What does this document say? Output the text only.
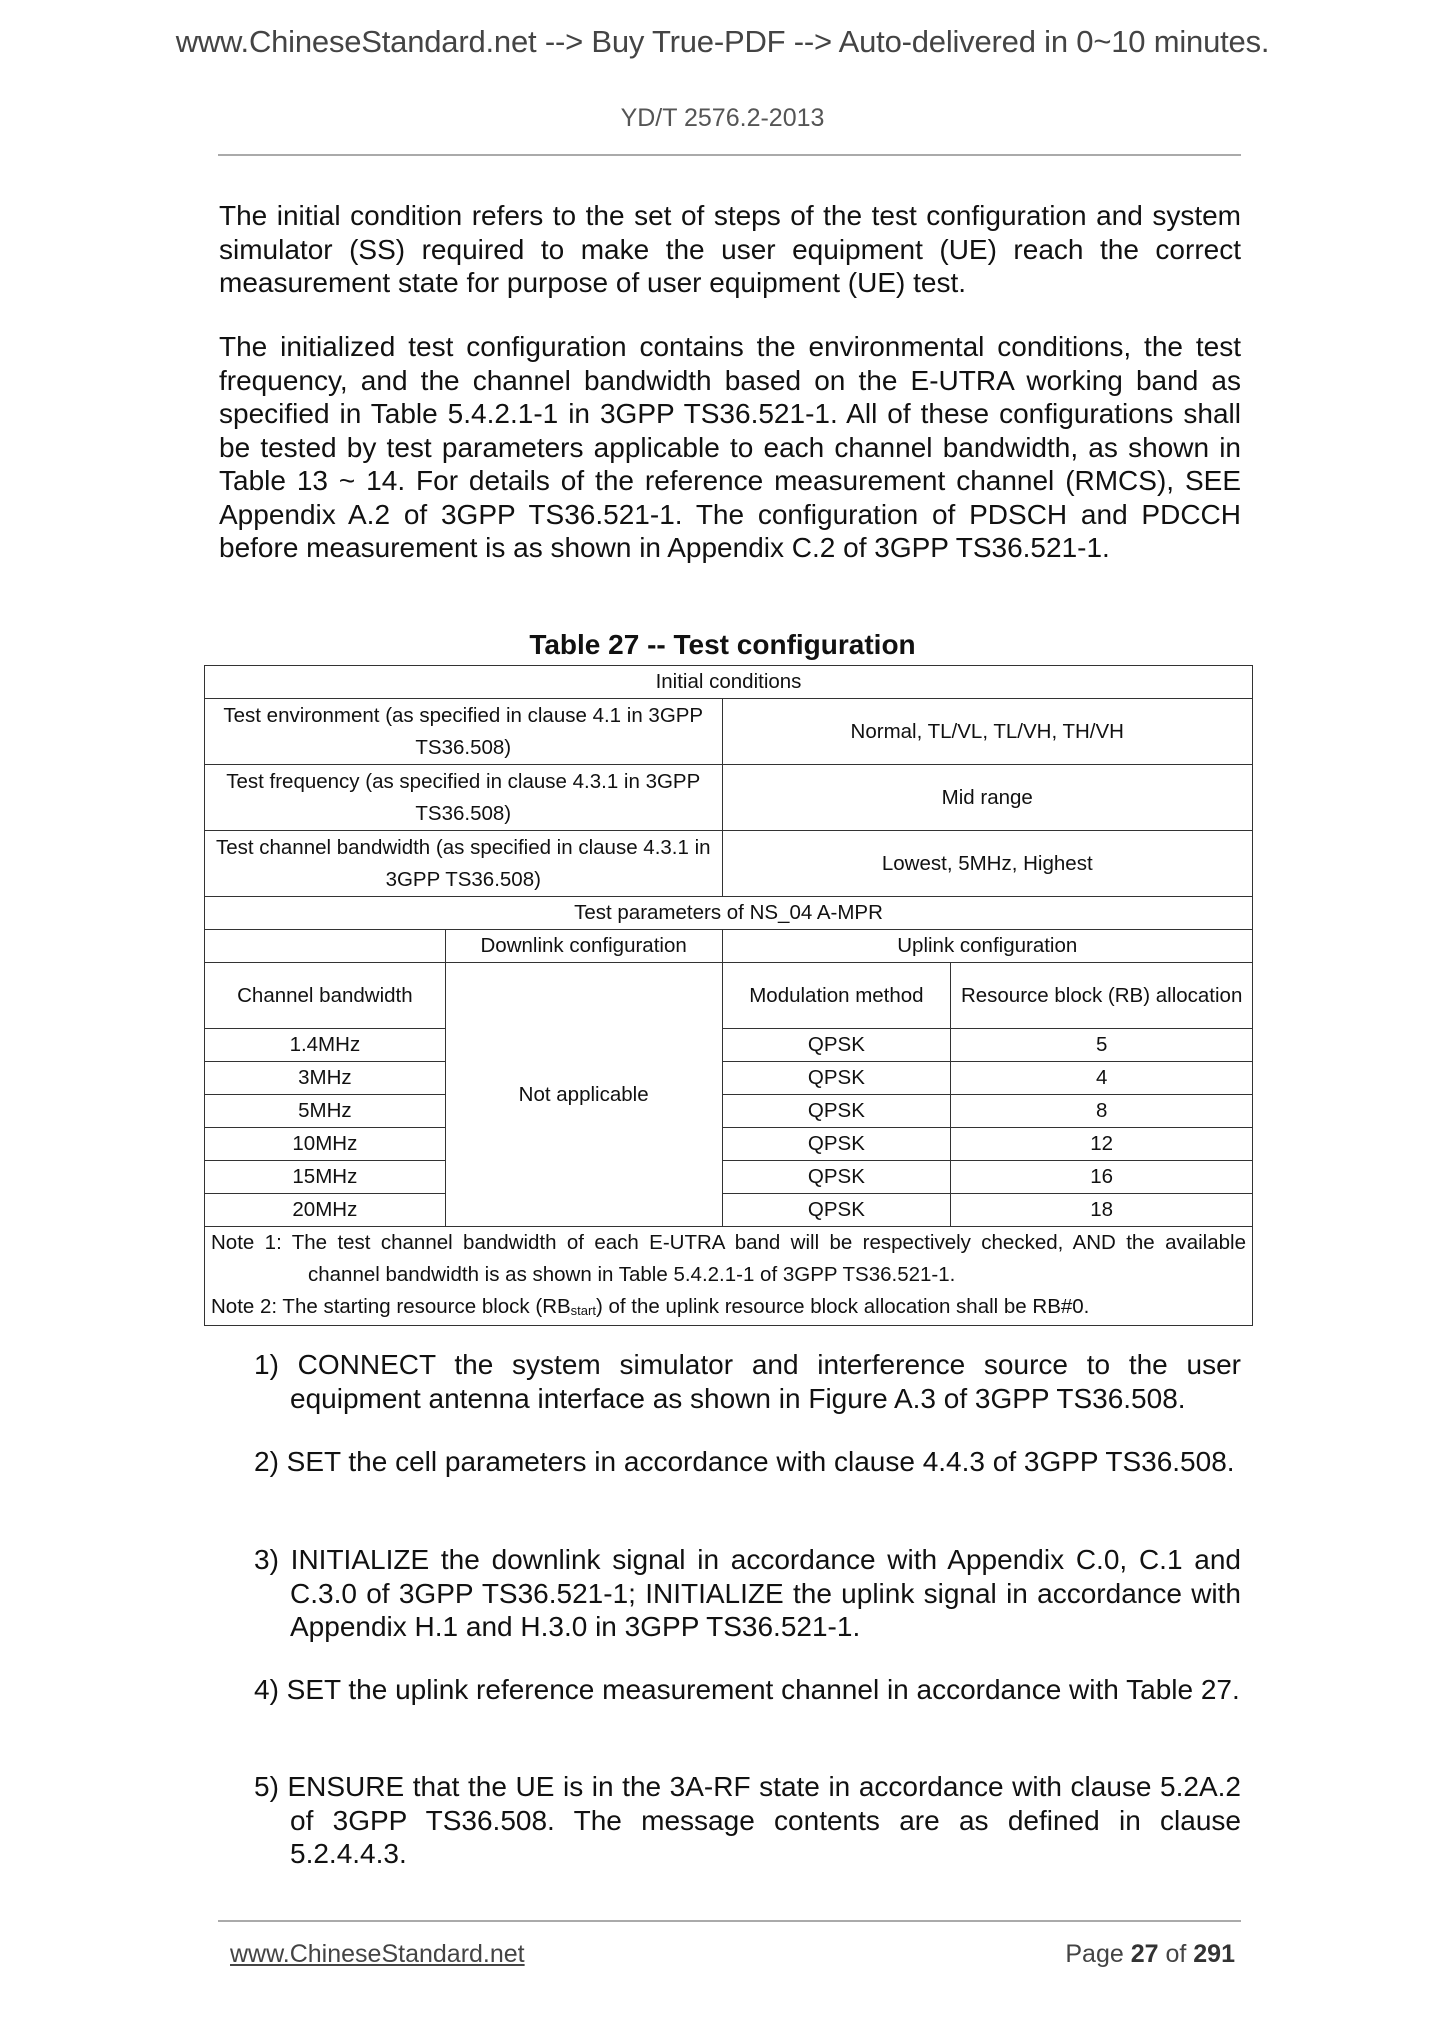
www.ChineseStandard.net --> Buy True-PDF --> Auto-delivered in 0~10 minutes.
YD/T 2576.2-2013
The initial condition refers to the set of steps of the test configuration and system simulator (SS) required to make the user equipment (UE) reach the correct measurement state for purpose of user equipment (UE) test.
The initialized test configuration contains the environmental conditions, the test frequency, and the channel bandwidth based on the E-UTRA working band as specified in Table 5.4.2.1-1 in 3GPP TS36.521-1. All of these configurations shall be tested by test parameters applicable to each channel bandwidth, as shown in Table 13 ~ 14. For details of the reference measurement channel (RMCS), SEE Appendix A.2 of 3GPP TS36.521-1. The configuration of PDSCH and PDCCH before measurement is as shown in Appendix C.2 of 3GPP TS36.521-1.
Table 27 -- Test configuration
Initial conditions			
Test environment (as specified in clause 4.1 in 3GPP TS36.508)		Normal, TL/VL, TL/VH, TH/VH	
Test frequency (as specified in clause 4.3.1 in 3GPP TS36.508)		Mid range	
Test channel bandwidth (as specified in clause 4.3.1 in 3GPP TS36.508)		Lowest, 5MHz, Highest	
Test parameters of NS_04 A-MPR			
	Downlink configuration	Uplink configuration	
Channel bandwidth	Not applicable	Modulation method	Resource block (RB) allocation
1.4MHz		QPSK	5
3MHz		QPSK	4
5MHz		QPSK	8
10MHz		QPSK	12
15MHz		QPSK	16
20MHz		QPSK	18

Note 1: The test channel bandwidth of each E-UTRA band will be respectively checked, AND the available channel bandwidth is as shown in Table 5.4.2.1-1 of 3GPP TS36.521-1.
Note 2: The starting resource block $(RB_{start})$ of the uplink resource block allocation shall be RB#0.			
1) CONNECT the system simulator and interference source to the user equipment antenna interface as shown in Figure A.3 of 3GPP TS36.508.
2) SET the cell parameters in accordance with clause 4.4.3 of 3GPP TS36.508.
3) INITIALIZE the downlink signal in accordance with Appendix C.0, C.1 and C.3.0 of 3GPP TS36.521-1; INITIALIZE the uplink signal in accordance with Appendix H.1 and H.3.0 in 3GPP TS36.521-1.
4) SET the uplink reference measurement channel in accordance with Table 27.
5) ENSURE that the UE is in the 3A-RF state in accordance with clause 5.2A.2 of 3GPP TS36.508. The message contents are as defined in clause 5.2.4.4.3.
www.ChineseStandard.net	Page 27 of 291
